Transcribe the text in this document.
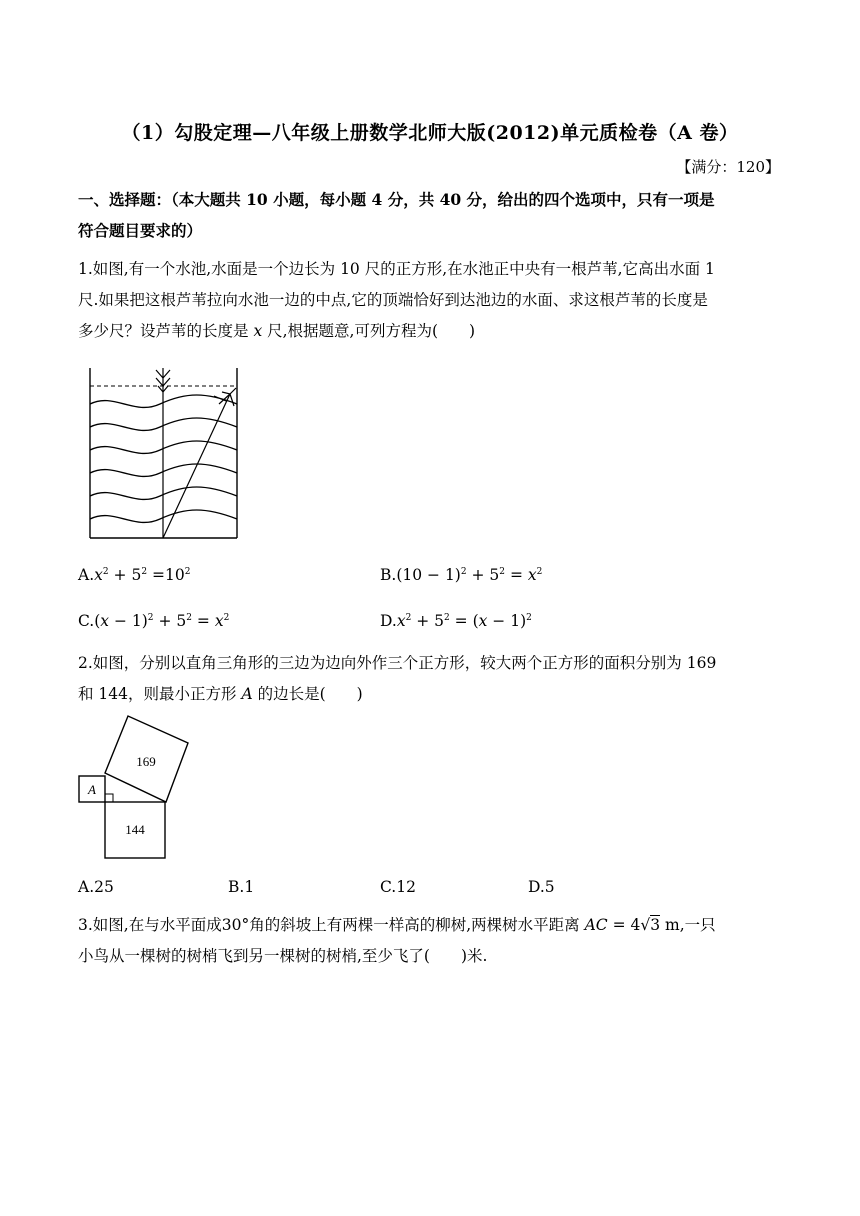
（1）勾股定理—八年级上册数学北师大版(2012)单元质检卷（A 卷）
【满分：120】
一、选择题：（本大题共 10 小题，每小题 4 分，共 40 分，给出的四个选项中，只有一项是
符合题目要求的）
1.如图,有一个水池,水面是一个边长为 10 尺的正方形,在水池正中央有一根芦苇,它高出水面 1
尺.如果把这根芦苇拉向水池一边的中点,它的顶端恰好到达池边的水面、求这根芦苇的长度是
多少尺？设芦苇的长度是 x 尺,根据题意,可列方程为(　　)
$A.x^2 + 5^2 =10^2$	$B.(10 - 1)^2 + 5^2 = x^2$
$C.(x - 1)^2 + 5^2 = x^2$	$D.x^2 + 5^2 = (x - 1)^2$
2.如图，分别以直角三角形的三边为边向外作三个正方形，较大两个正方形的面积分别为 169
和 144，则最小正方形 A 的边长是(　　)
169
144
A
A.25	B.1	C.12	D.5
3.如图,在与水平面成30°角的斜坡上有两棵一样高的柳树,两棵树水平距离 AC = 4√3 m,一只
小鸟从一棵树的树梢飞到另一棵树的树梢,至少飞了(　　)米.
